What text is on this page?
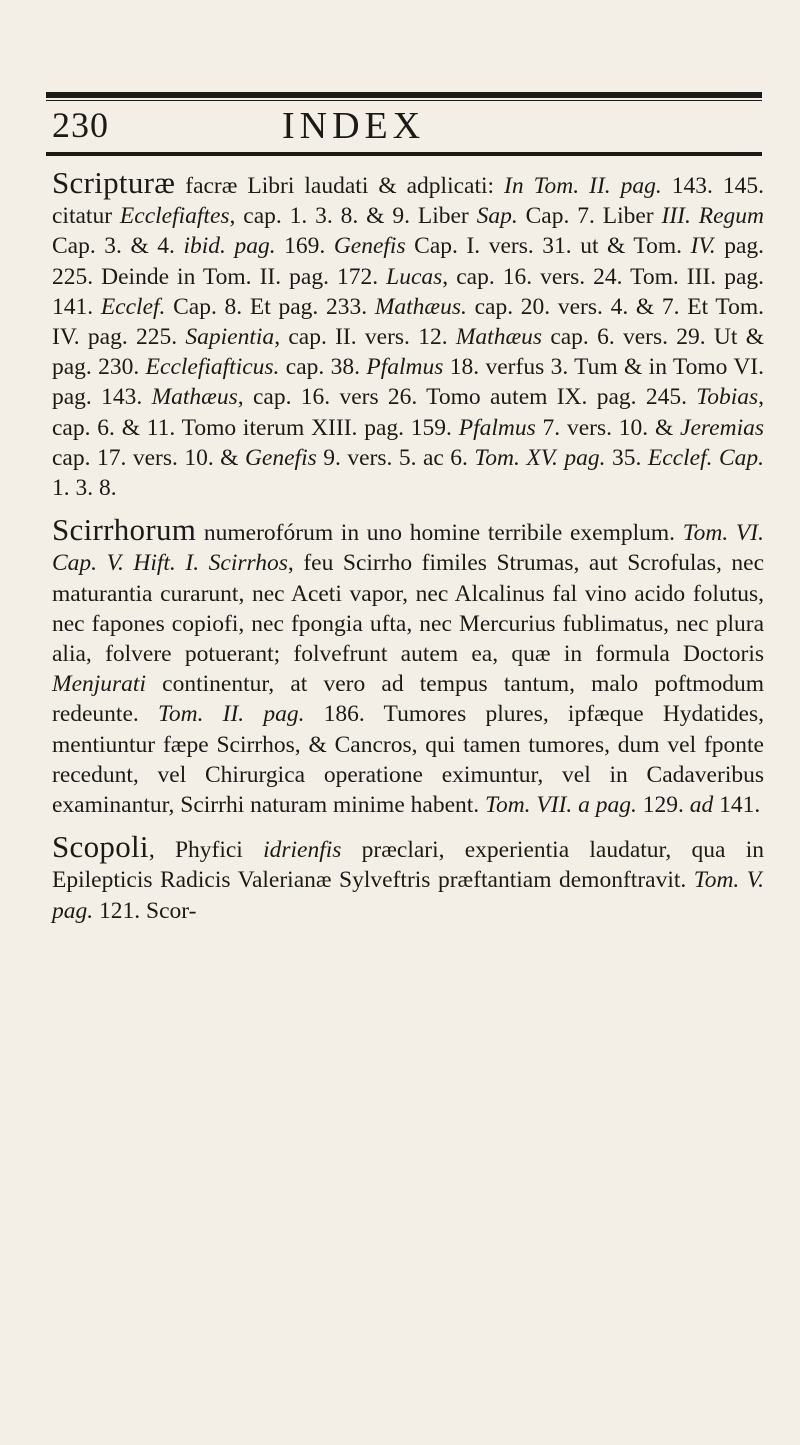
230	INDEX

Scripturæ facræ Libri laudati & adplicati: In Tom. II. pag. 143. 145. citatur Ecclefiaftes, cap. 1. 3. 8. & 9. Liber Sap. Cap. 7. Liber III. Regum Cap. 3. & 4. ibid. pag. 169. Genefis Cap. I. vers. 31. ut & Tom. IV. pag. 225. Deinde in Tom. II. pag. 172. Lucas, cap. 16. vers. 24. Tom. III. pag. 141. Ecclef. Cap. 8. Et pag. 233. Mathæus. cap. 20. vers. 4. & 7. Et Tom. IV. pag. 225. Sapientia, cap. II. vers. 12. Mathæus cap. 6. vers. 29. Ut & pag. 230. Ecclefiafticus. cap. 38. Pfalmus 18. verfus 3. Tum & in Tomo VI. pag. 143. Mathæus, cap. 16. vers 26. Tomo autem IX. pag. 245. Tobias, cap. 6. & 11. Tomo iterum XIII. pag. 159. Pfalmus 7. vers. 10. & Jeremias cap. 17. vers. 10. & Genefis 9. vers. 5. ac 6. Tom. XV. pag. 35. Ecclef. Cap. 1. 3. 8.

Scirrhorum numerofórum in uno homine terribile exemplum. Tom. VI. Cap. V. Hift. I. Scirrhos, feu Scirrho fimiles Strumas, aut Scrofulas, nec maturantia curarunt, nec Aceti vapor, nec Alcalinus fal vino acido folutus, nec fapones copiofi, nec fpongia ufta, nec Mercurius fublimatus, nec plura alia, folvere potuerant; folvefrunt autem ea, quæ in formula Doctoris Menjurati continentur, at vero ad tempus tantum, malo poftmodum redeunte. Tom. II. pag. 186. Tumores plures, ipfæque Hydatides, mentiuntur fæpe Scirrhos, & Cancros, qui tamen tumores, dum vel fponte recedunt, vel Chirurgica operatione eximuntur, vel in Cadaveribus examinantur, Scirrhi naturam minime habent. Tom. VII. a pag. 129. ad 141.

Scopoli, Phyfici idrienfis præclari, experientia laudatur, qua in Epilepticis Radicis Valerianæ Sylveftris præftantiam demonftravit. Tom. V. pag. 121. Scor-
